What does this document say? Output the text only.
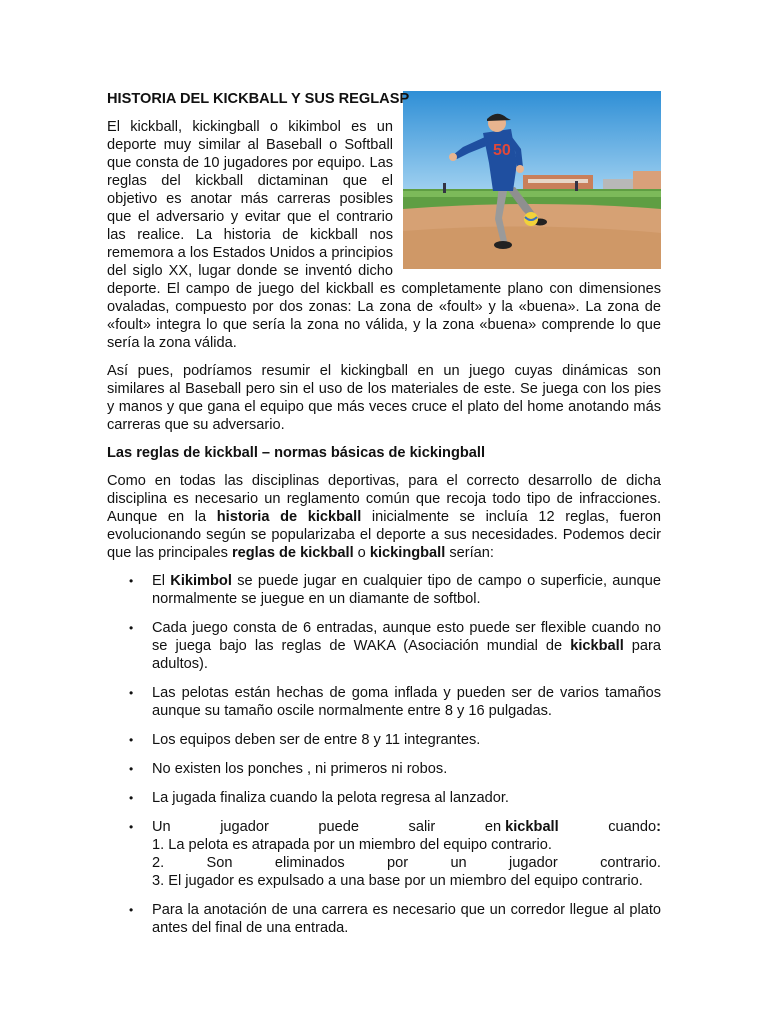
HISTORIA DEL KICKBALL Y SUS REGLASP
50

El kickball, kickingball o kikimbol es un deporte muy similar al Baseball o Softball que consta de 10 jugadores por equipo. Las reglas del kickball dictaminan que el objetivo es anotar más carreras posibles que el adversario y evitar que el contrario las realice. La historia de kickball nos rememora a los Estados Unidos a principios del siglo XX, lugar donde se inventó dicho deporte. El campo de juego del kickball es completamente plano con dimensiones ovaladas, compuesto por dos zonas: La zona de «foult» y la «buena». La zona de «foult» integra lo que sería la zona no válida, y la zona «buena» comprende lo que sería la zona válida.

Así pues, podríamos resumir el kickingball en un juego cuyas dinámicas son similares al Baseball pero sin el uso de los materiales de este. Se juega con los pies y manos y que gana el equipo que más veces cruce el plato del home anotando más carreras que su adversario.

Las reglas de kickball – normas básicas de kickingball

Como en todas las disciplinas deportivas, para el correcto desarrollo de dicha disciplina es necesario un reglamento común que recoja todo tipo de infracciones. Aunque en la historia de kickball inicialmente se incluía 12 reglas, fueron evolucionando según se popularizaba el deporte a sus necesidades. Podemos decir que las principales reglas de kickball o kickingball serían:

• El Kikimbol se puede jugar en cualquier tipo de campo o superficie, aunque normalmente se juegue en un diamante de softbol.
• Cada juego consta de 6 entradas, aunque esto puede ser flexible cuando no se juega bajo las reglas de WAKA (Asociación mundial de kickball para adultos).
• Las pelotas están hechas de goma inflada y pueden ser de varios tamaños aunque su tamaño oscile normalmente entre 8 y 16 pulgadas.
• Los equipos deben ser de entre 8 y 11 integrantes.
• No existen los ponches , ni primeros ni robos.
• La jugada finaliza cuando la pelota regresa al lanzador.
• Un	jugador	puede	salir	en kickball	cuando:
1. La pelota es atrapada por un miembro del equipo contrario.
2.	Son	eliminados	por	un	jugador	contrario.
3. El jugador es expulsado a una base por un miembro del equipo contrario.
• Para la anotación de una carrera es necesario que un corredor llegue al plato antes del final de una entrada.
